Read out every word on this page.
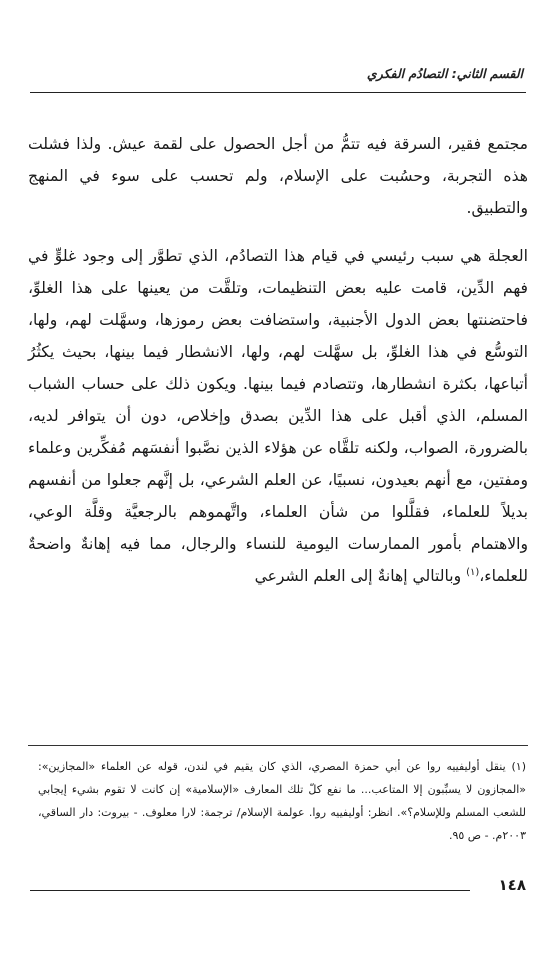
القسم الثاني: التصادُم الفكري

مجتمع فقير، السرقة فيه تتمُّ من أجل الحصول على لقمة عيش. ولذا فشلت هذه التجربة، وحسُبت على الإسلام، ولم تحسب على سوء في المنهج والتطبيق.

العجلة هي سبب رئيسي في قيام هذا التصادُم، الذي تطوَّر إلى وجود غلوٍّ في فهم الدِّين، قامت عليه بعض التنظيمات، وتلقَّت من يعينها على هذا الغلوِّ، فاحتضنتها بعض الدول الأجنبية، واستضافت بعض رموزها، وسهَّلت لهم، ولها، التوسُّع في هذا الغلوِّ، بل سهَّلت لهم، ولها، الانشطار فيما بينها، بحيث يكثُرُ أتباعها، بكثرة انشطارها، وتتصادم فيما بينها. ويكون ذلك على حساب الشباب المسلم، الذي أقبل على هذا الدِّين بصدق وإخلاص، دون أن يتوافر لديه، بالضرورة، الصواب، ولكنه تلقَّاه عن هؤلاء الذين نصَّبوا أنفسَهم مُفكِّرين وعلماء ومفتين، مع أنهم بعيدون، نسبيًا، عن العلم الشرعي، بل إنَّهم جعلوا من أنفسهم بديلاً للعلماء، فقلَّلوا من شأن العلماء، واتَّهموهم بالرجعيَّة وقلَّة الوعي، والاهتمام بأمور الممارسات اليومية للنساء والرجال، مما فيه إهانةٌ واضحةٌ للعلماء،$^{(١)}$ وبالتالي إهانةٌ إلى العلم الشرعي

(١) ينقل أوليفييه روا عن أبي حمزة المصري، الذي كان يقيم في لندن، قوله عن العلماء «المجازين»: «المجازون لا يسبِّبون إلا المتاعب... ما نفع كلّ تلك المعارف «الإسلامية» إن كانت لا تقوم بشيء إيجابي للشعب المسلم وللإسلام؟». انظر: أوليفييه روا. عولمة الإسلام/ ترجمة: لارا معلوف. - بيروت: دار الساقي، ٢٠٠٣م. - ص ٩٥.

١٤٨
